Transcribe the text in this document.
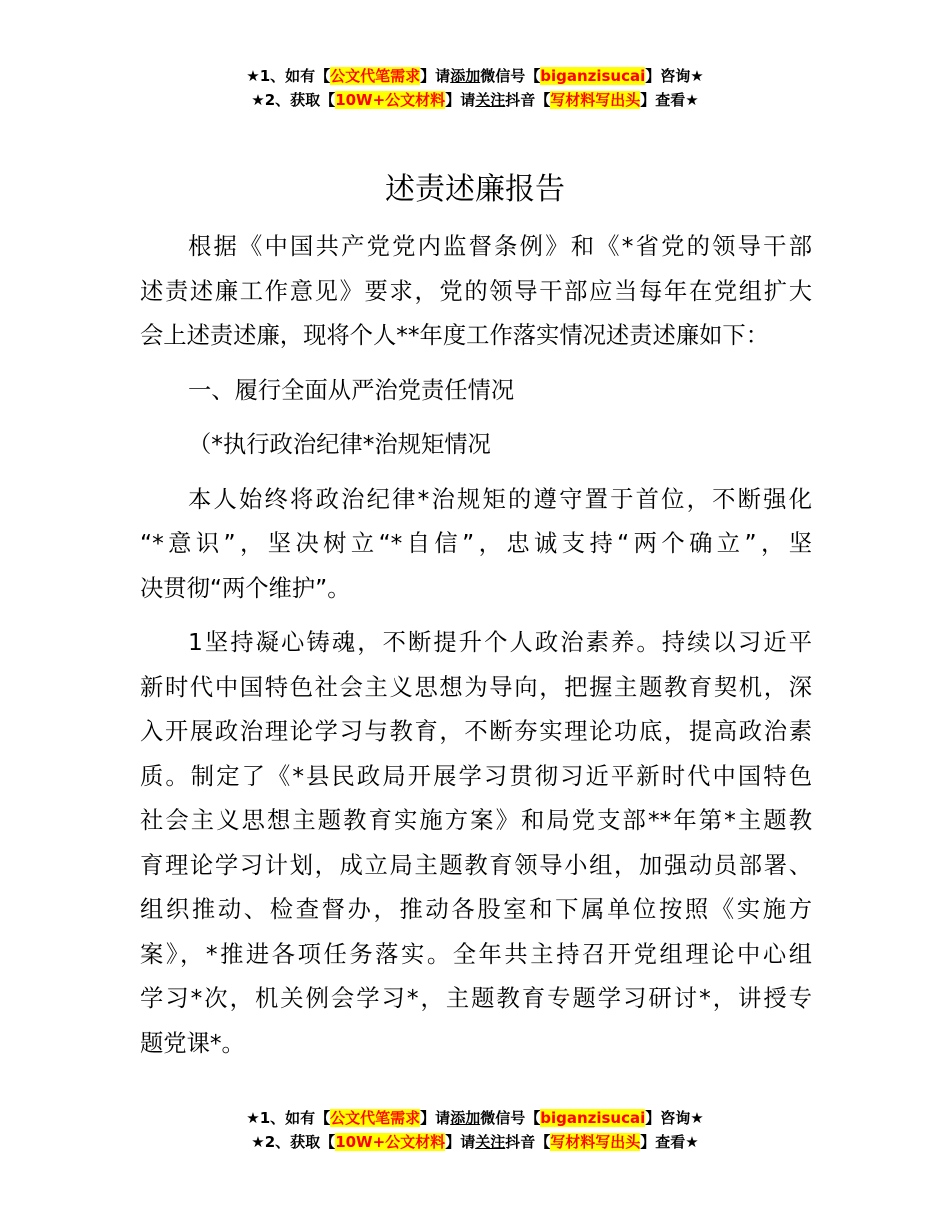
★1、如有【公文代笔需求】请添加微信号【biganzisucai】咨询★
★2、获取【10W+公文材料】请关注抖音【写材料写出头】查看★
述责述廉报告

根据《中国共产党党内监督条例》和《*省党的领导干部
述责述廉工作意见》要求，党的领导干部应当每年在党组扩大
会上述责述廉，现将个人**年度工作落实情况述责述廉如下：

一、履行全面从严治党责任情况

（*执行政治纪律*治规矩情况

本人始终将政治纪律*治规矩的遵守置于首位，不断强化
“*意识”，坚决树立“*自信”，忠诚支持“两个确立”，坚
决贯彻“两个维护”。

1坚持凝心铸魂，不断提升个人政治素养。持续以习近平
新时代中国特色社会主义思想为导向，把握主题教育契机，深
入开展政治理论学习与教育，不断夯实理论功底，提高政治素
质。制定了《*县民政局开展学习贯彻习近平新时代中国特色
社会主义思想主题教育实施方案》和局党支部**年第*主题教
育理论学习计划，成立局主题教育领导小组，加强动员部署、
组织推动、检查督办，推动各股室和下属单位按照《实施方
案》，*推进各项任务落实。全年共主持召开党组理论中心组
学习*次，机关例会学习*，主题教育专题学习研讨*，讲授专
题党课*。

★1、如有【公文代笔需求】请添加微信号【biganzisucai】咨询★
★2、获取【10W+公文材料】请关注抖音【写材料写出头】查看★
